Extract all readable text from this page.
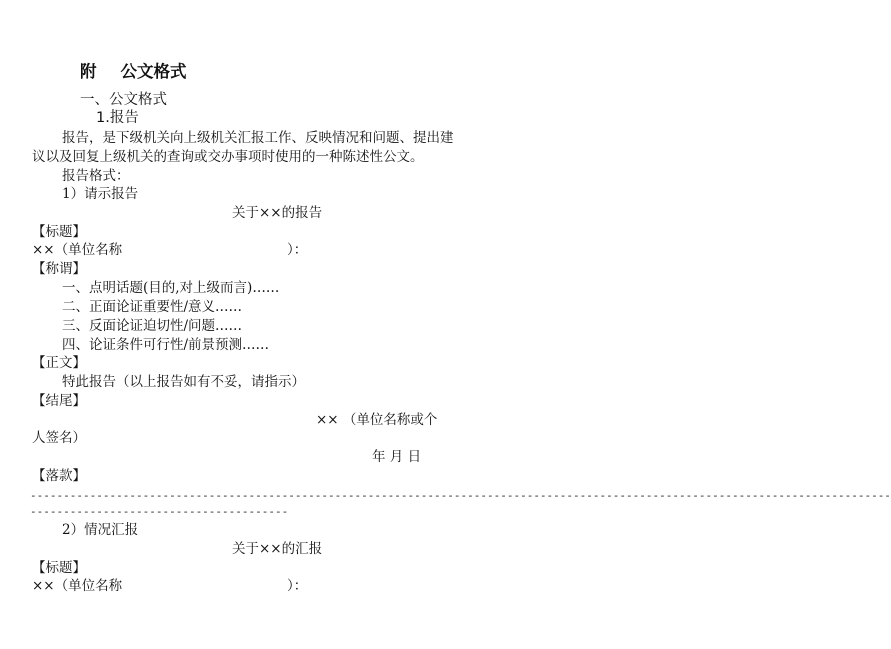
附 公文格式
一、公文格式
1.报告
报告，是下级机关向上级机关汇报工作、反映情况和问题、提出建
议以及回复上级机关的查询或交办事项时使用的一种陈述性公文。
报告格式：
1）请示报告
关于××的报告
【标题】
××（单位名称	）：
【称谓】
一、点明话题(目的,对上级而言)……
二、正面论证重要性/意义……
三、反面论证迫切性/问题……
四、论证条件可行性/前景预测……
【正文】
特此报告（以上报告如有不妥，请指示）
【结尾】
×× （单位名称或个
人签名）
年 月 日
【落款】
----------------------------------------------------------------------------------------------------------------------------------
---------------------------------------
2）情况汇报
关于××的汇报
【标题】
××（单位名称	）：
